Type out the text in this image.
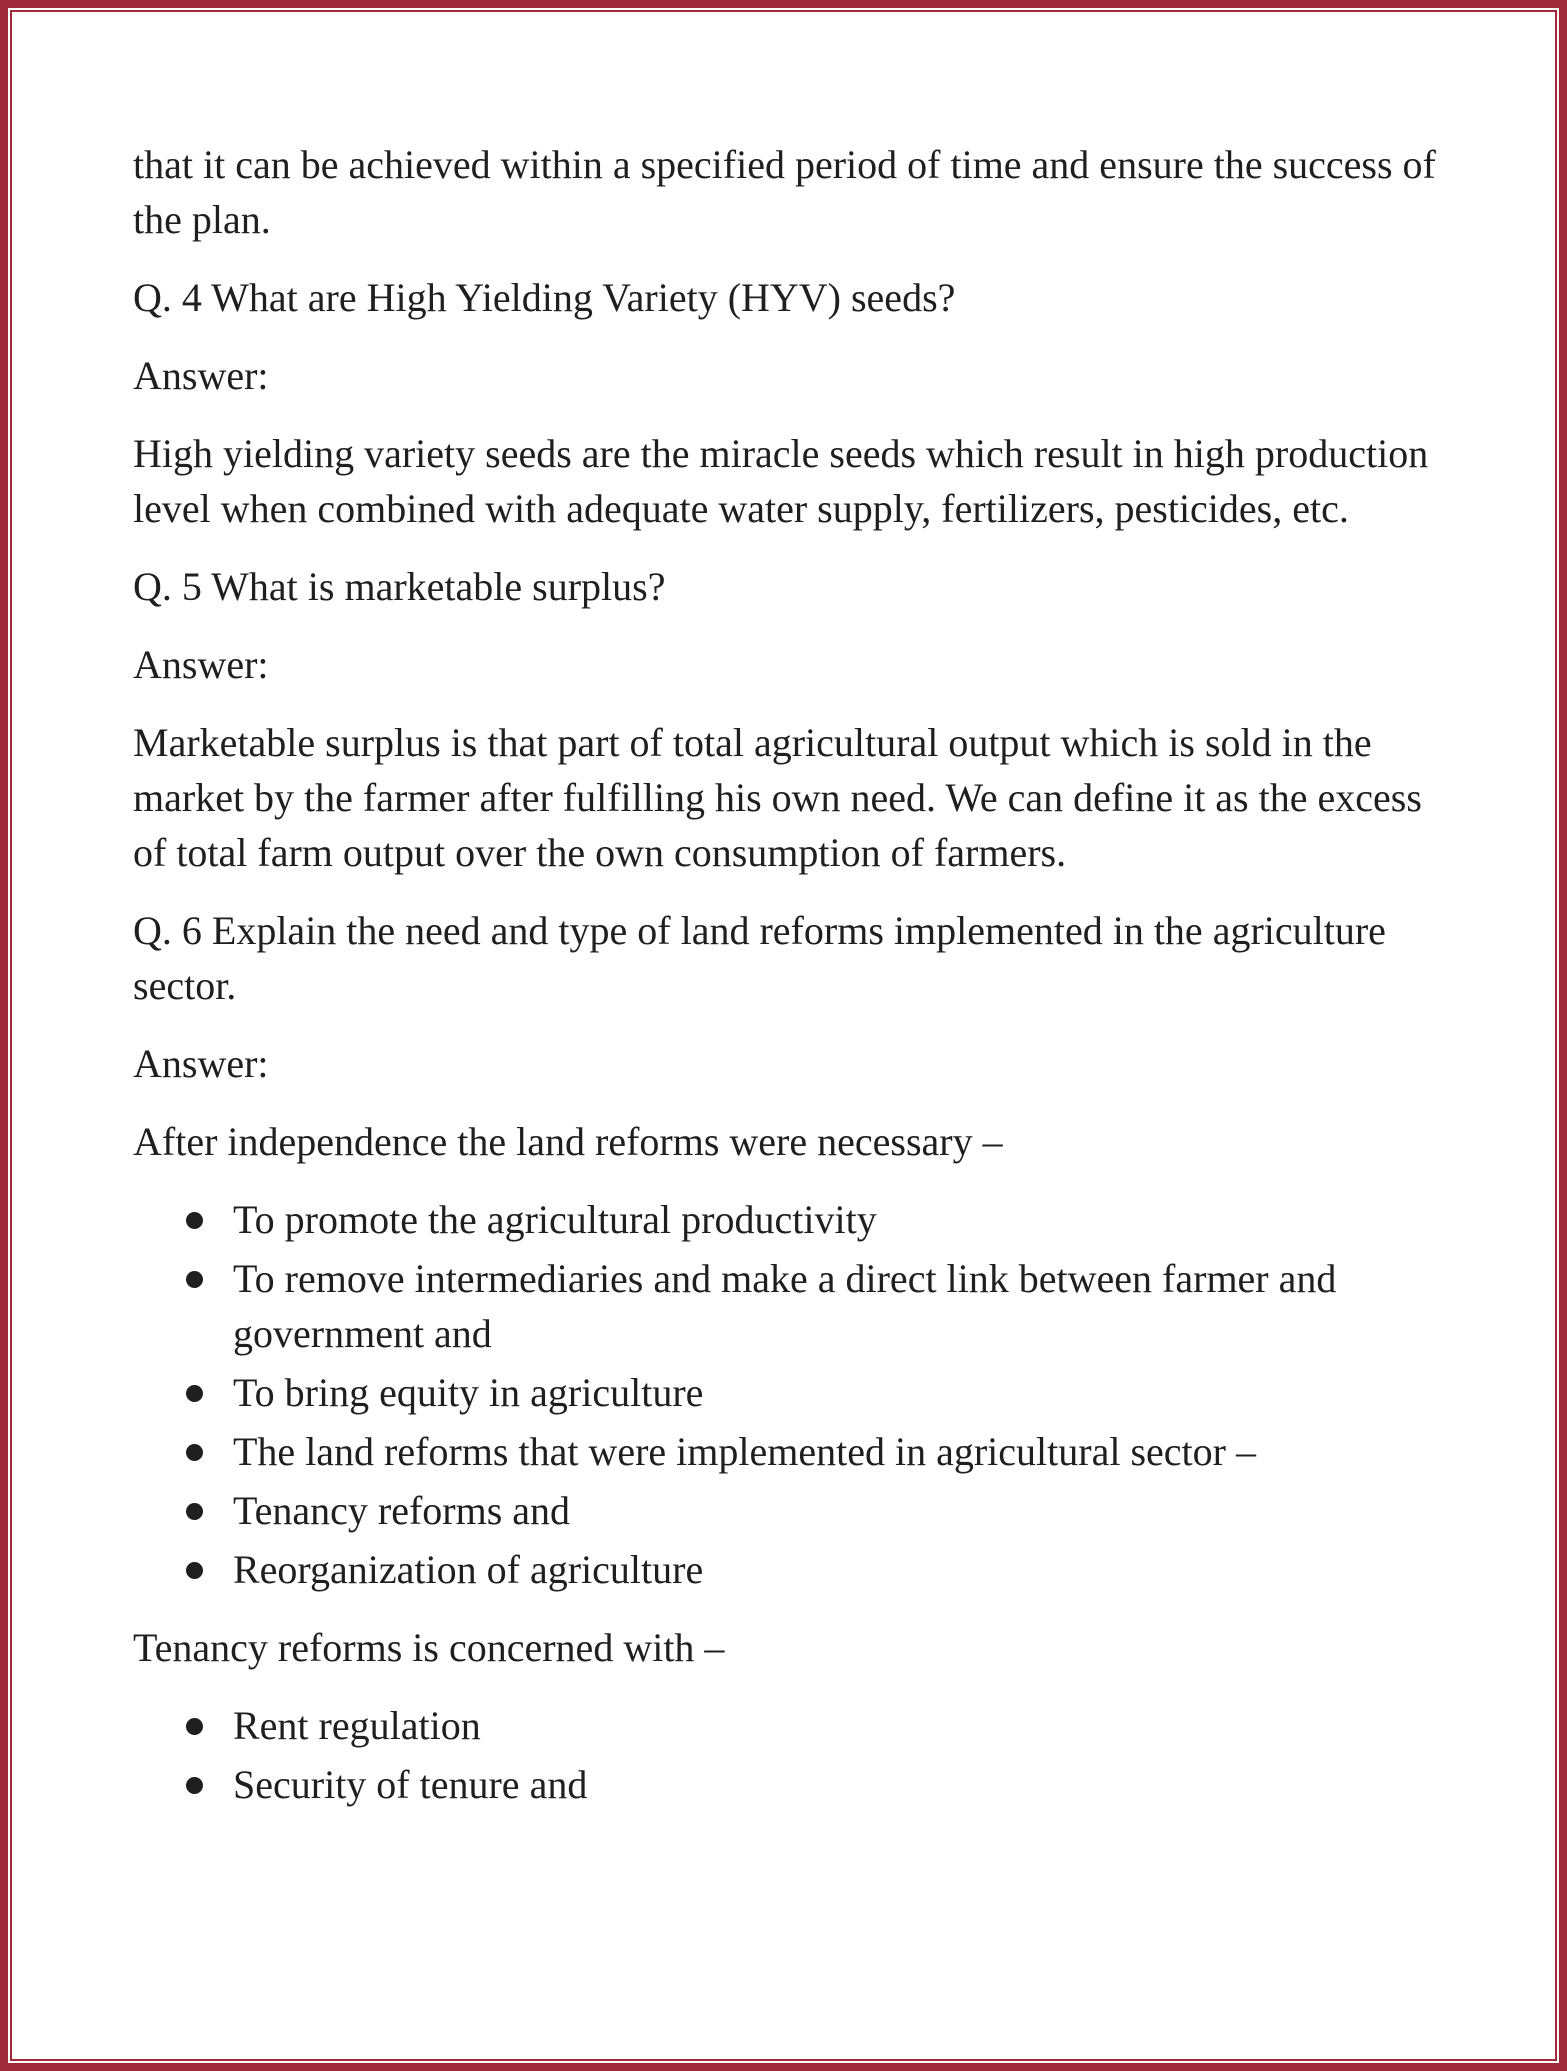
that it can be achieved within a specified period of time and ensure the success of the plan.

Q. 4 What are High Yielding Variety (HYV) seeds?

Answer:

High yielding variety seeds are the miracle seeds which result in high production level when combined with adequate water supply, fertilizers, pesticides, etc.

Q. 5 What is marketable surplus?

Answer:

Marketable surplus is that part of total agricultural output which is sold in the market by the farmer after fulfilling his own need. We can define it as the excess of total farm output over the own consumption of farmers.

Q. 6 Explain the need and type of land reforms implemented in the agriculture sector.

Answer:

After independence the land reforms were necessary –

To promote the agricultural productivity
To remove intermediaries and make a direct link between farmer and government and
To bring equity in agriculture
The land reforms that were implemented in agricultural sector –
Tenancy reforms and
Reorganization of agriculture

Tenancy reforms is concerned with –

Rent regulation
Security of tenure and
